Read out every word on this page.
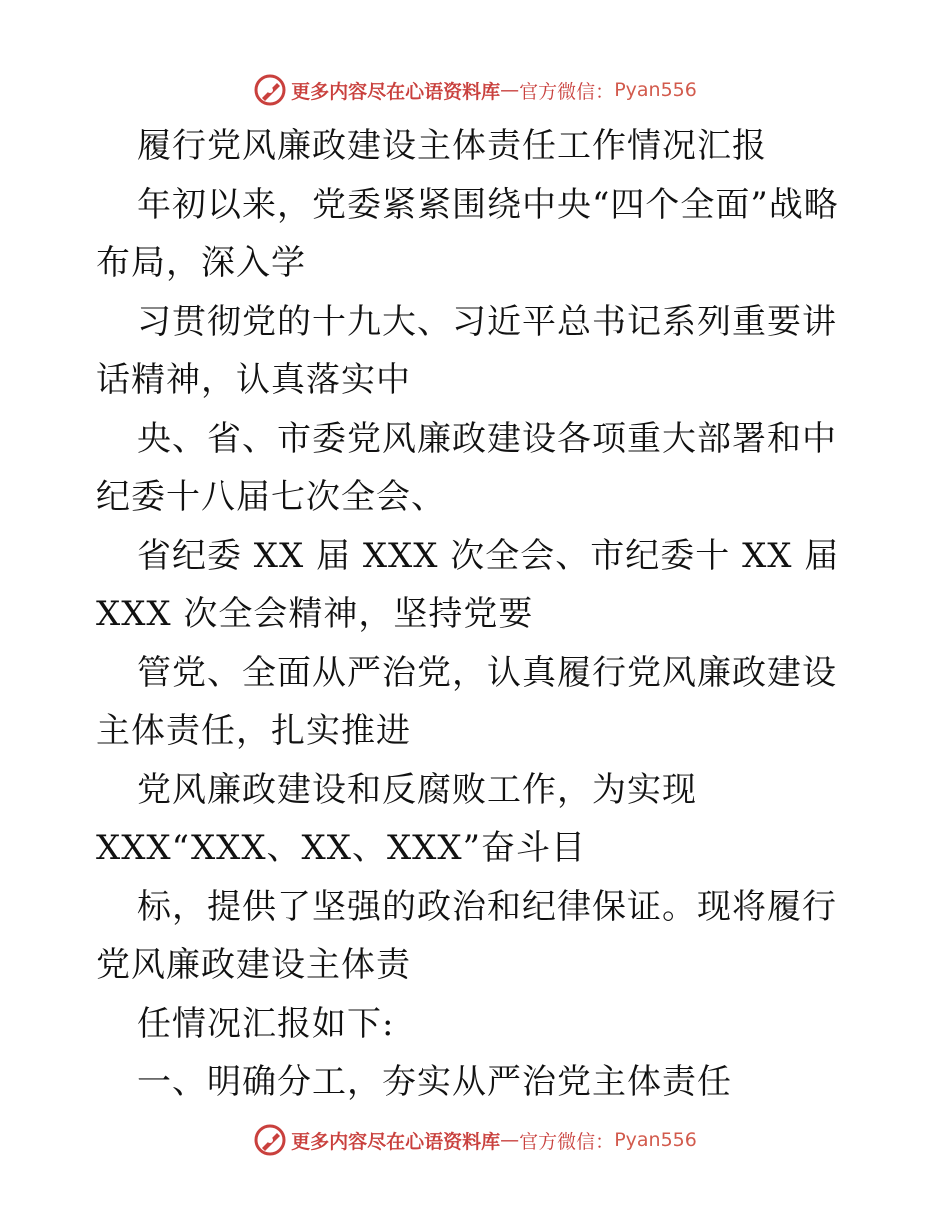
更多内容尽在心语资料库 — 官方微信： Pyan556

履行党风廉政建设主体责任工作情况汇报

年初以来，党委紧紧围绕中央“四个全面”战略布局，深入学

习贯彻党的十九大、习近平总书记系列重要讲话精神，认真落实中

央、省、市委党风廉政建设各项重大部署和中纪委十八届七次全会、

省纪委 XX 届 XXX 次全会、市纪委十 XX 届

XXX 次全会精神，坚持党要

管党、全面从严治党，认真履行党风廉政建设主体责任，扎实推进

党风廉政建设和反腐败工作，为实现

XXX“XXX、XX、XXX”奋斗目

标，提供了坚强的政治和纪律保证。现将履行党风廉政建设主体责

任情况汇报如下:

一、明确分工，夯实从严治党主体责任

更多内容尽在心语资料库 — 官方微信： Pyan556
